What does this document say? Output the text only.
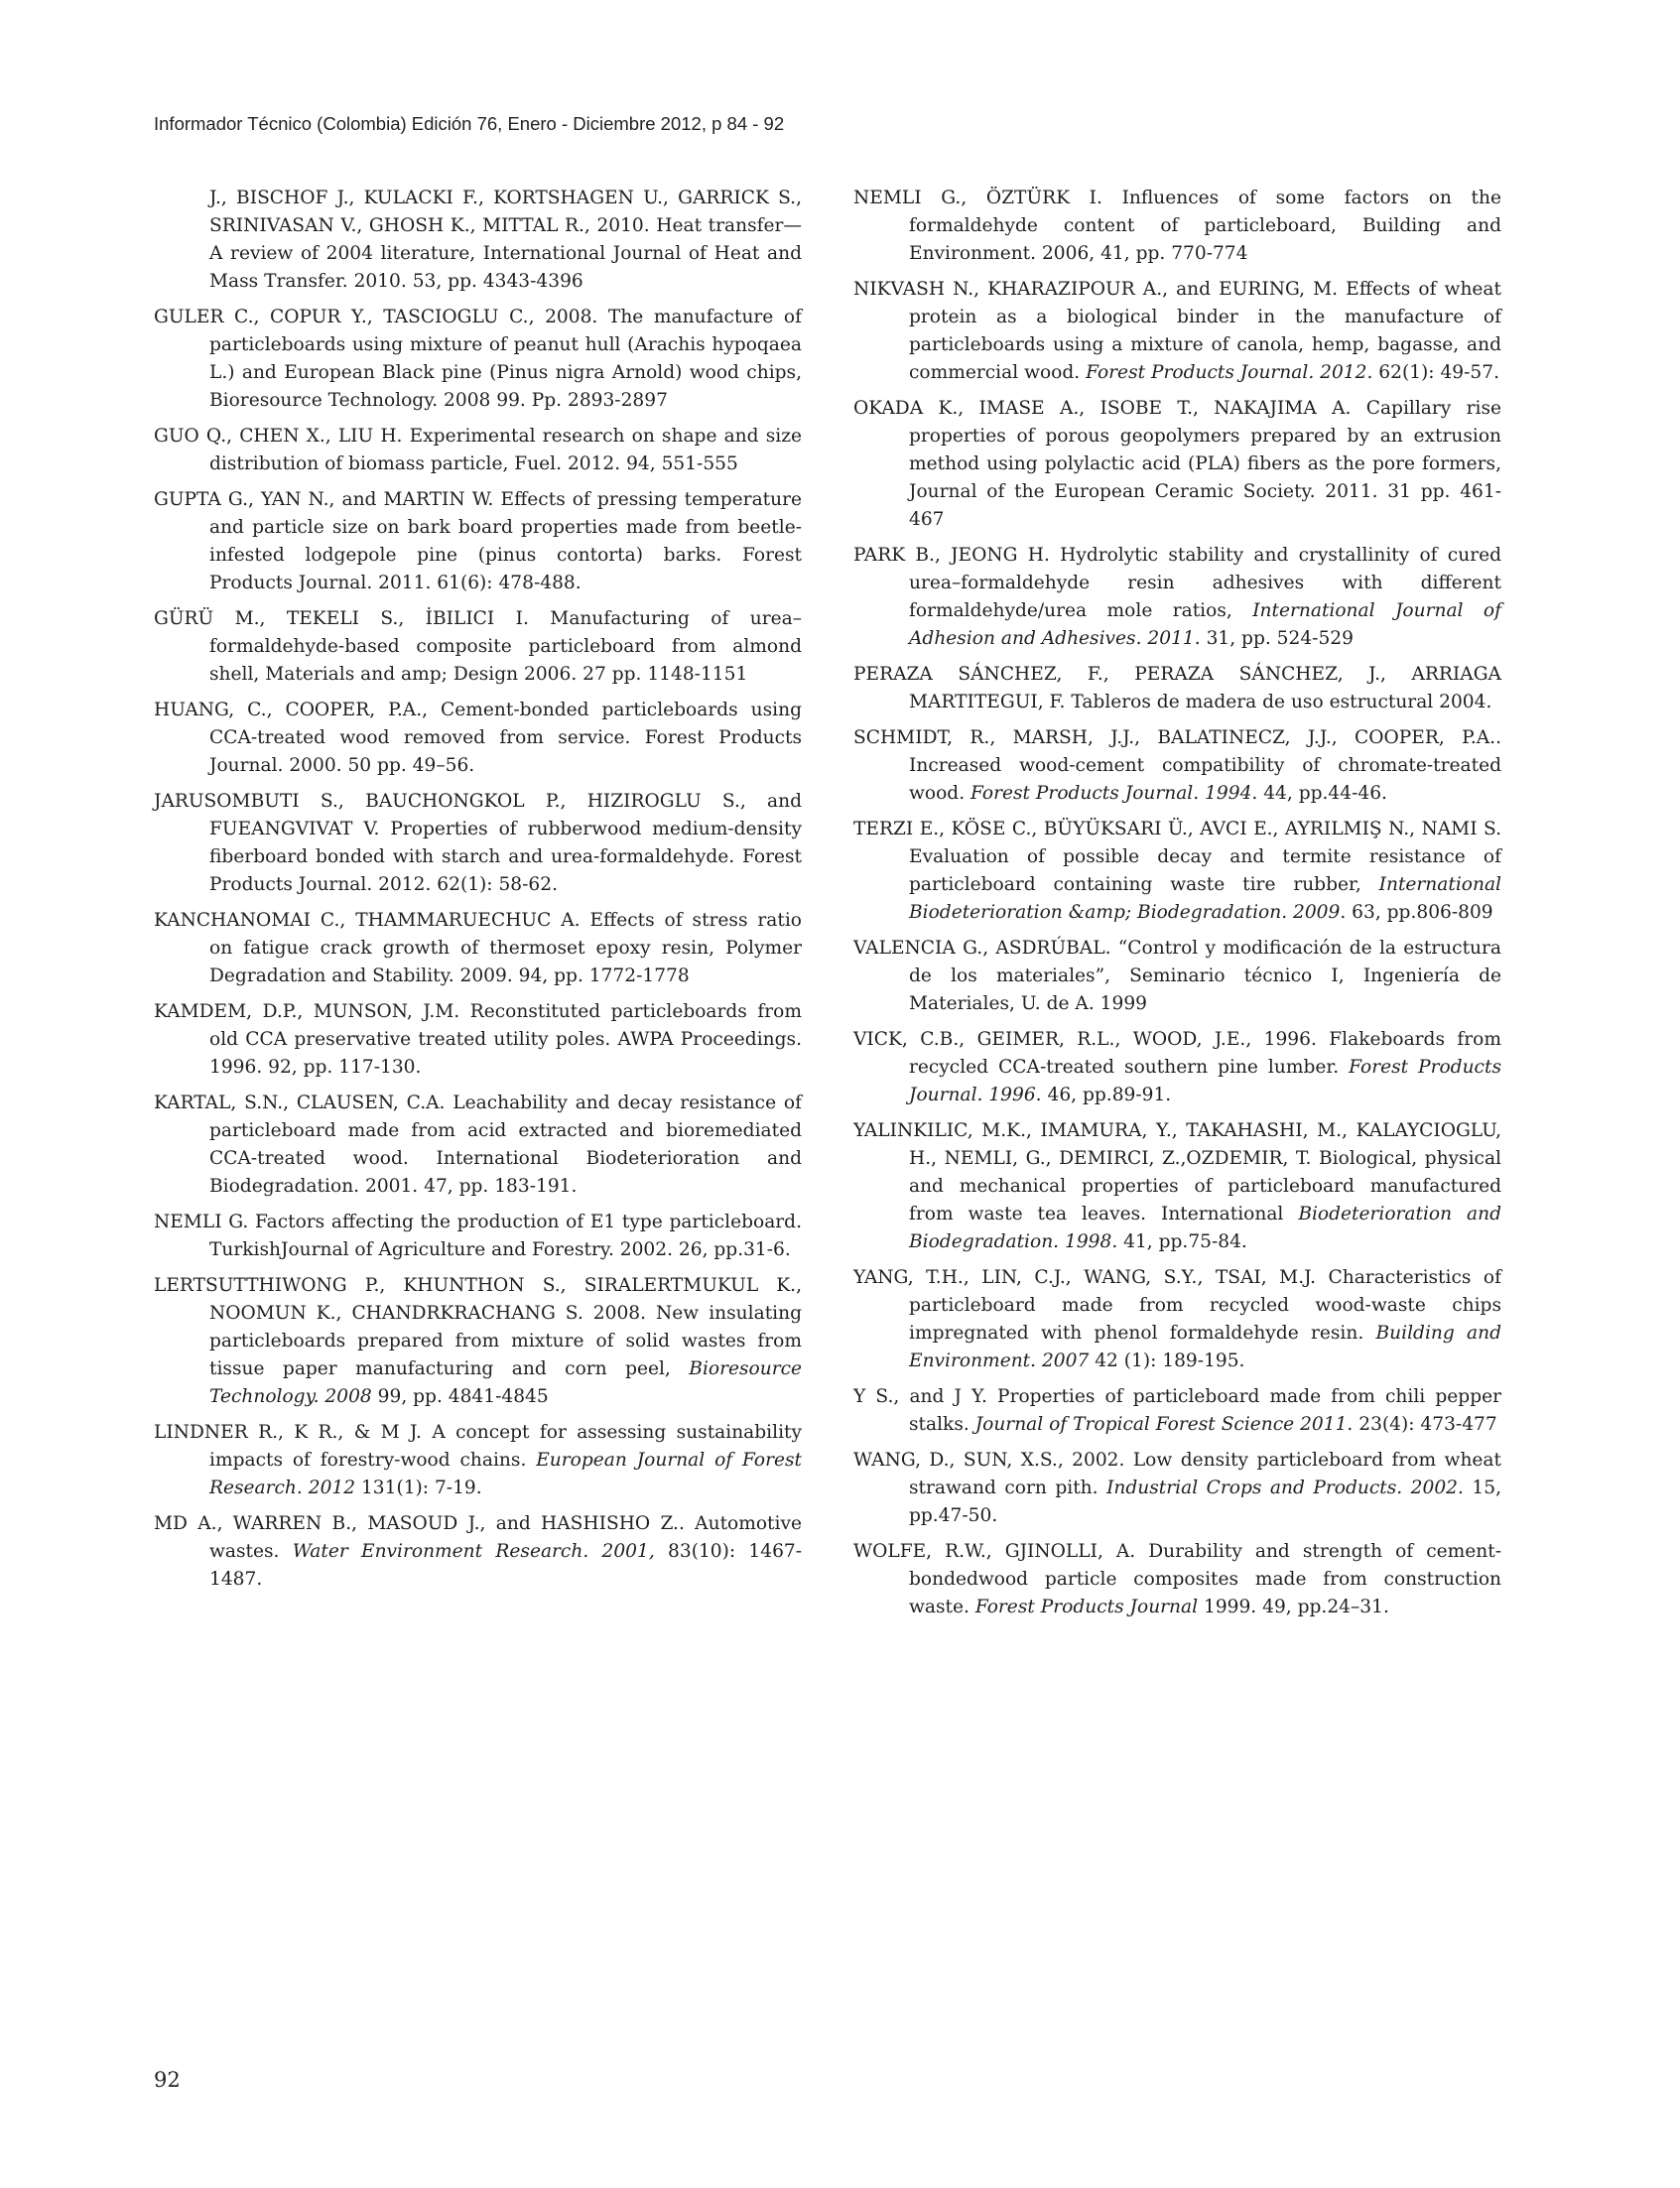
Informador Técnico (Colombia) Edición 76, Enero - Diciembre 2012, p 84 - 92

J., BISCHOF J., KULACKI F., KORTSHAGEN U., GARRICK S., SRINIVASAN V., GHOSH K., MITTAL R., 2010. Heat transfer—A review of 2004 literature, International Journal of Heat and Mass Transfer. 2010. 53, pp. 4343-4396

GULER C., COPUR Y., TASCIOGLU C., 2008. The manufacture of particleboards using mixture of peanut hull (Arachis hypoqaea L.) and European Black pine (Pinus nigra Arnold) wood chips, Bioresource Technology. 2008 99. Pp. 2893-2897

GUO Q., CHEN X., LIU H. Experimental research on shape and size distribution of biomass particle, Fuel. 2012. 94, 551-555

GUPTA G., YAN N., and MARTIN W. Effects of pressing temperature and particle size on bark board properties made from beetle-infested lodgepole pine (pinus contorta) barks. Forest Products Journal. 2011. 61(6): 478-488.

GÜRÜ M., TEKELI S., İBILICI I. Manufacturing of urea–formaldehyde-based composite particleboard from almond shell, Materials and amp; Design 2006. 27 pp. 1148-1151

HUANG, C., COOPER, P.A., Cement-bonded particleboards using CCA-treated wood removed from service. Forest Products Journal. 2000. 50 pp. 49–56.

JARUSOMBUTI S., BAUCHONGKOL P., HIZIROGLU S., and FUEANGVIVAT V. Properties of rubberwood medium-density fiberboard bonded with starch and urea-formaldehyde. Forest Products Journal. 2012. 62(1): 58-62.

KANCHANOMAI C., THAMMARUECHUC A. Effects of stress ratio on fatigue crack growth of thermoset epoxy resin, Polymer Degradation and Stability. 2009. 94, pp. 1772-1778

KAMDEM, D.P., MUNSON, J.M. Reconstituted particleboards from old CCA preservative treated utility poles. AWPA Proceedings. 1996. 92, pp. 117-130.

KARTAL, S.N., CLAUSEN, C.A. Leachability and decay resistance of particleboard made from acid extracted and bioremediated CCA-treated wood. International Biodeterioration and Biodegradation. 2001. 47, pp. 183-191.

NEMLI G. Factors affecting the production of E1 type particleboard. TurkishJournal of Agriculture and Forestry. 2002. 26, pp.31-6.

LERTSUTTHIWONG P., KHUNTHON S., SIRALERTMUKUL K., NOOMUN K., CHANDRKRACHANG S. 2008. New insulating particleboards prepared from mixture of solid wastes from tissue paper manufacturing and corn peel, Bioresource Technology. 2008 99, pp. 4841-4845

LINDNER R., K R., & M J. A concept for assessing sustainability impacts of forestry-wood chains. European Journal of Forest Research. 2012 131(1): 7-19.

MD A., WARREN B., MASOUD J., and HASHISHO Z.. Automotive wastes. Water Environment Research. 2001, 83(10): 1467-1487.

NEMLI G., ÖZTÜRK I. Influences of some factors on the formaldehyde content of particleboard, Building and Environment. 2006, 41, pp. 770-774

NIKVASH N., KHARAZIPOUR A., and EURING, M. Effects of wheat protein as a biological binder in the manufacture of particleboards using a mixture of canola, hemp, bagasse, and commercial wood. Forest Products Journal. 2012. 62(1): 49-57.

OKADA K., IMASE A., ISOBE T., NAKAJIMA A. Capillary rise properties of porous geopolymers prepared by an extrusion method using polylactic acid (PLA) fibers as the pore formers, Journal of the European Ceramic Society. 2011. 31 pp. 461-467

PARK B., JEONG H. Hydrolytic stability and crystallinity of cured urea–formaldehyde resin adhesives with different formaldehyde/urea mole ratios, International Journal of Adhesion and Adhesives. 2011. 31, pp. 524-529

PERAZA SÁNCHEZ, F., PERAZA SÁNCHEZ, J., ARRIAGA MARTITEGUI, F. Tableros de madera de uso estructural 2004.

SCHMIDT, R., MARSH, J.J., BALATINECZ, J.J., COOPER, P.A.. Increased wood-cement compatibility of chromate-treated wood. Forest Products Journal. 1994. 44, pp.44-46.

TERZI E., KÖSE C., BÜYÜKSARI Ü., AVCI E., AYRILMIŞ N., NAMI S. Evaluation of possible decay and termite resistance of particleboard containing waste tire rubber, International Biodeterioration &amp; Biodegradation. 2009. 63, pp.806-809

VALENCIA G., ASDRÚBAL. “Control y modificación de la estructura de los materiales”, Seminario técnico I, Ingeniería de Materiales, U. de A. 1999

VICK, C.B., GEIMER, R.L., WOOD, J.E., 1996. Flakeboards from recycled CCA-treated southern pine lumber. Forest Products Journal. 1996. 46, pp.89-91.

YALINKILIC, M.K., IMAMURA, Y., TAKAHASHI, M., KALAYCIOGLU, H., NEMLI, G., DEMIRCI, Z.,OZDEMIR, T. Biological, physical and mechanical properties of particleboard manufactured from waste tea leaves. International Biodeterioration and Biodegradation. 1998. 41, pp.75-84.

YANG, T.H., LIN, C.J., WANG, S.Y., TSAI, M.J. Characteristics of particleboard made from recycled wood-waste chips impregnated with phenol formaldehyde resin. Building and Environment. 2007 42 (1): 189-195.

Y S., and J Y. Properties of particleboard made from chili pepper stalks. Journal of Tropical Forest Science 2011. 23(4): 473-477

WANG, D., SUN, X.S., 2002. Low density particleboard from wheat strawand corn pith. Industrial Crops and Products. 2002. 15, pp.47-50.

WOLFE, R.W., GJINOLLI, A. Durability and strength of cement-bondedwood particle composites made from construction waste. Forest Products Journal 1999. 49, pp.24–31.

92
